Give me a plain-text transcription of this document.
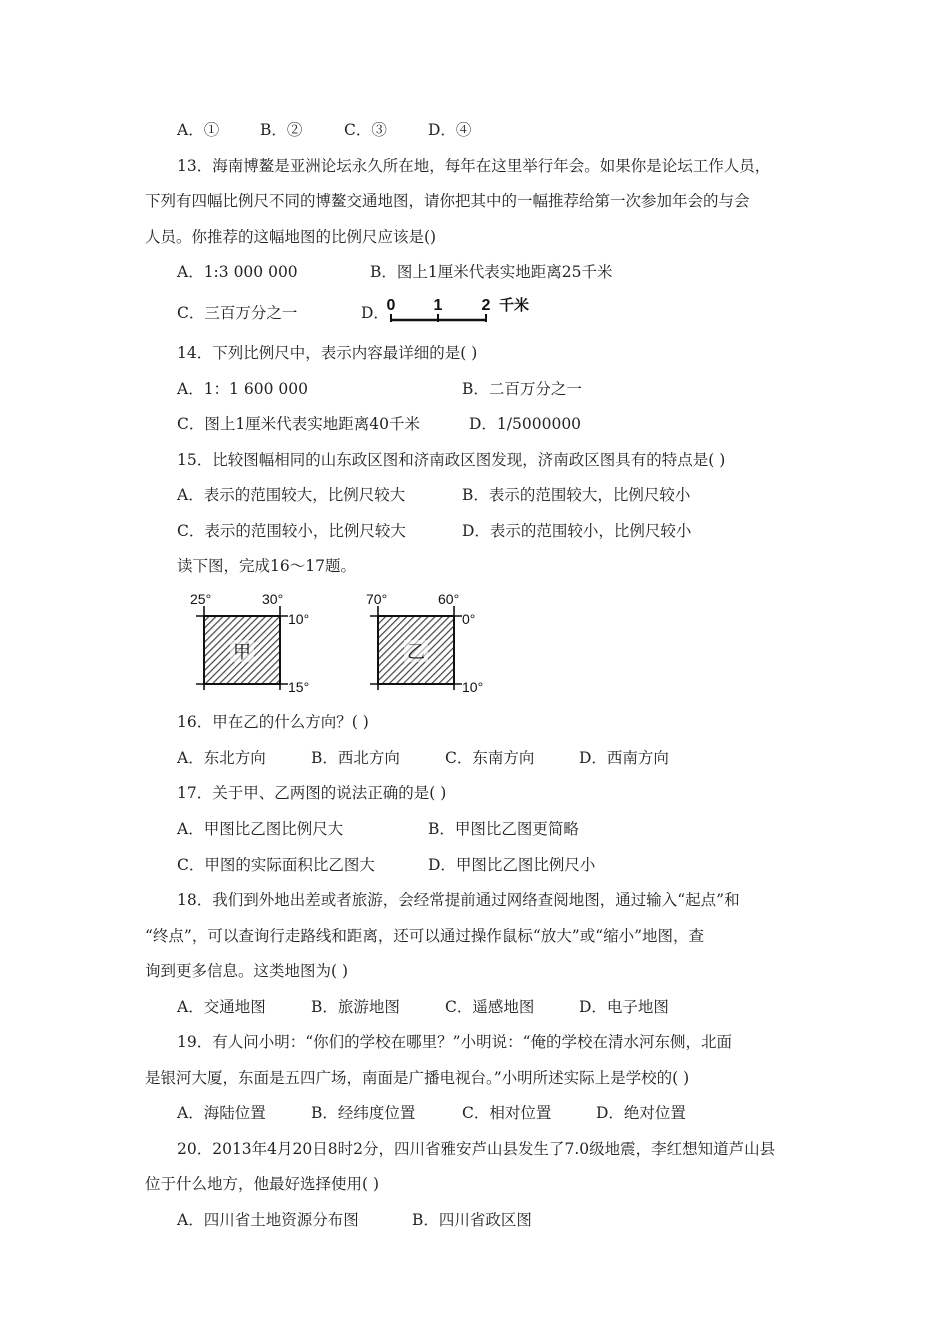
A．①	B．②	C．③	D．④
13．海南博鳌是亚洲论坛永久所在地，每年在这里举行年会。如果你是论坛工作人员，
下列有四幅比例尺不同的博鳌交通地图，请你把其中的一幅推荐给第一次参加年会的与会
人员。你推荐的这幅地图的比例尺应该是()
A．1:3 000 000	B．图上1厘米代表实地距离25千米
C．三百万分之一	D．
0 1 2 千米
14．下列比例尺中，表示内容最详细的是( )
A．1：1 600 000	B．二百万分之一
C．图上1厘米代表实地距离40千米	D．1/5000000
15．比较图幅相同的山东政区图和济南政区图发现，济南政区图具有的特点是( )
A．表示的范围较大，比例尺较大	B．表示的范围较大，比例尺较小
C．表示的范围较小，比例尺较大	D．表示的范围较小，比例尺较小
读下图，完成16～17题。
甲
25°	30°
10°
15°
乙
70°	60°
0°
10°
16．甲在乙的什么方向？( )
A．东北方向	B．西北方向	C．东南方向	D．西南方向
17．关于甲、乙两图的说法正确的是( )
A．甲图比乙图比例尺大	B．甲图比乙图更简略
C．甲图的实际面积比乙图大	D．甲图比乙图比例尺小
18．我们到外地出差或者旅游，会经常提前通过网络查阅地图，通过输入“起点”和
“终点”，可以查询行走路线和距离，还可以通过操作鼠标“放大”或“缩小”地图，查
询到更多信息。这类地图为( )
A．交通地图	B．旅游地图	C．遥感地图	D．电子地图
19．有人问小明：“你们的学校在哪里？”小明说：“俺的学校在清水河东侧，北面
是银河大厦，东面是五四广场，南面是广播电视台。”小明所述实际上是学校的( )
A．海陆位置	B．经纬度位置	C．相对位置	D．绝对位置
20．2013年4月20日8时2分，四川省雅安芦山县发生了7.0级地震，李红想知道芦山县
位于什么地方，他最好选择使用( )
A．四川省土地资源分布图	B．四川省政区图
